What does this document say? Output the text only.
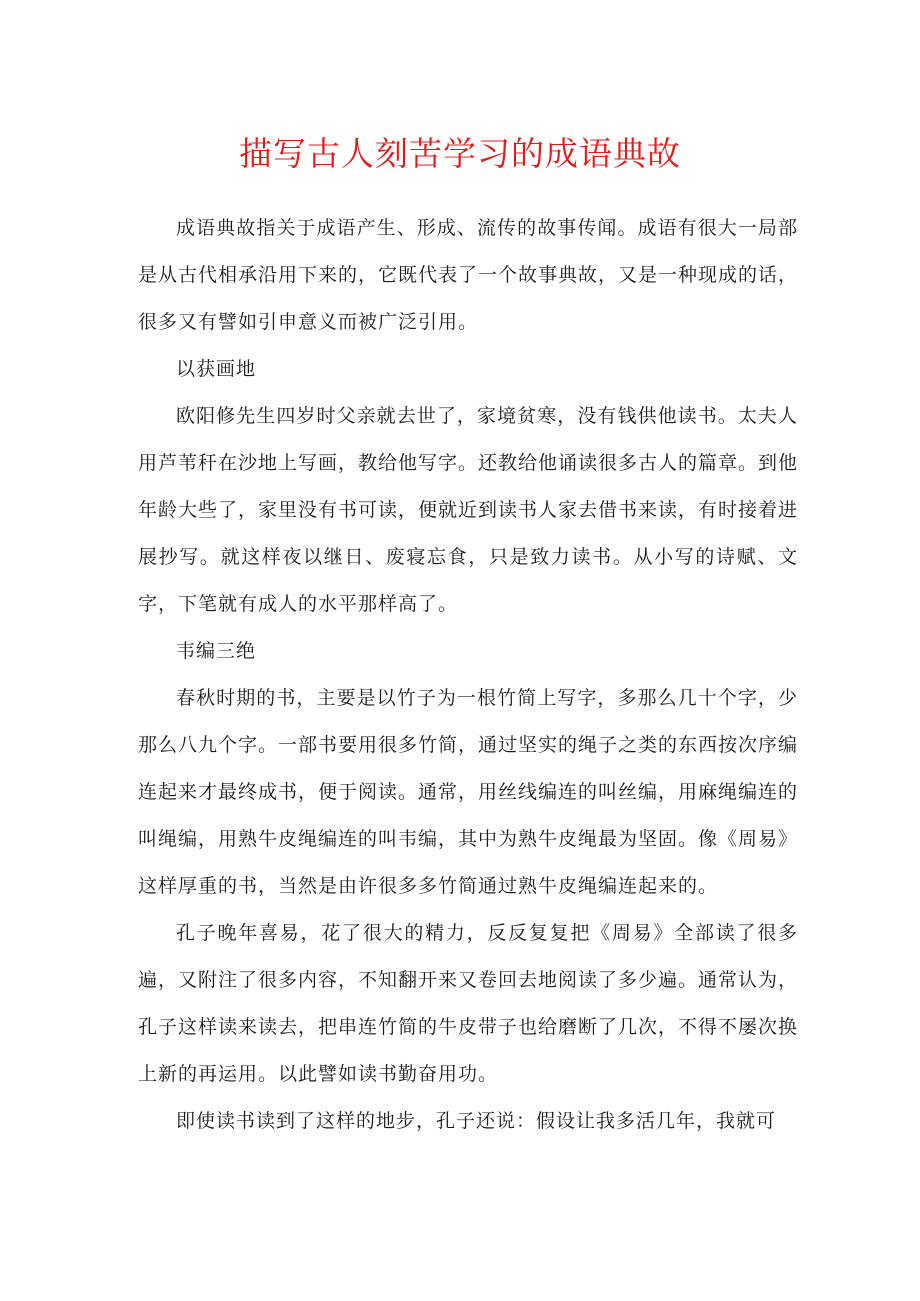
描写古人刻苦学习的成语典故

成语典故指关于成语产生、形成、流传的故事传闻。成语有很大一局部是从古代相承沿用下来的，它既代表了一个故事典故，又是一种现成的话，很多又有譬如引申意义而被广泛引用。

以获画地

欧阳修先生四岁时父亲就去世了，家境贫寒，没有钱供他读书。太夫人用芦苇秆在沙地上写画，教给他写字。还教给他诵读很多古人的篇章。到他年龄大些了，家里没有书可读，便就近到读书人家去借书来读，有时接着进展抄写。就这样夜以继日、废寝忘食，只是致力读书。从小写的诗赋、文字，下笔就有成人的水平那样高了。

韦编三绝

春秋时期的书，主要是以竹子为一根竹简上写字，多那么几十个字，少那么八九个字。一部书要用很多竹简，通过坚实的绳子之类的东西按次序编连起来才最终成书，便于阅读。通常，用丝线编连的叫丝编，用麻绳编连的叫绳编，用熟牛皮绳编连的叫韦编，其中为熟牛皮绳最为坚固。像《周易》这样厚重的书，当然是由许很多多竹简通过熟牛皮绳编连起来的。

孔子晚年喜易，花了很大的精力，反反复复把《周易》全部读了很多遍，又附注了很多内容，不知翻开来又卷回去地阅读了多少遍。通常认为，孔子这样读来读去，把串连竹简的牛皮带子也给磨断了几次，不得不屡次换上新的再运用。以此譬如读书勤奋用功。

即使读书读到了这样的地步，孔子还说：假设让我多活几年，我就可
